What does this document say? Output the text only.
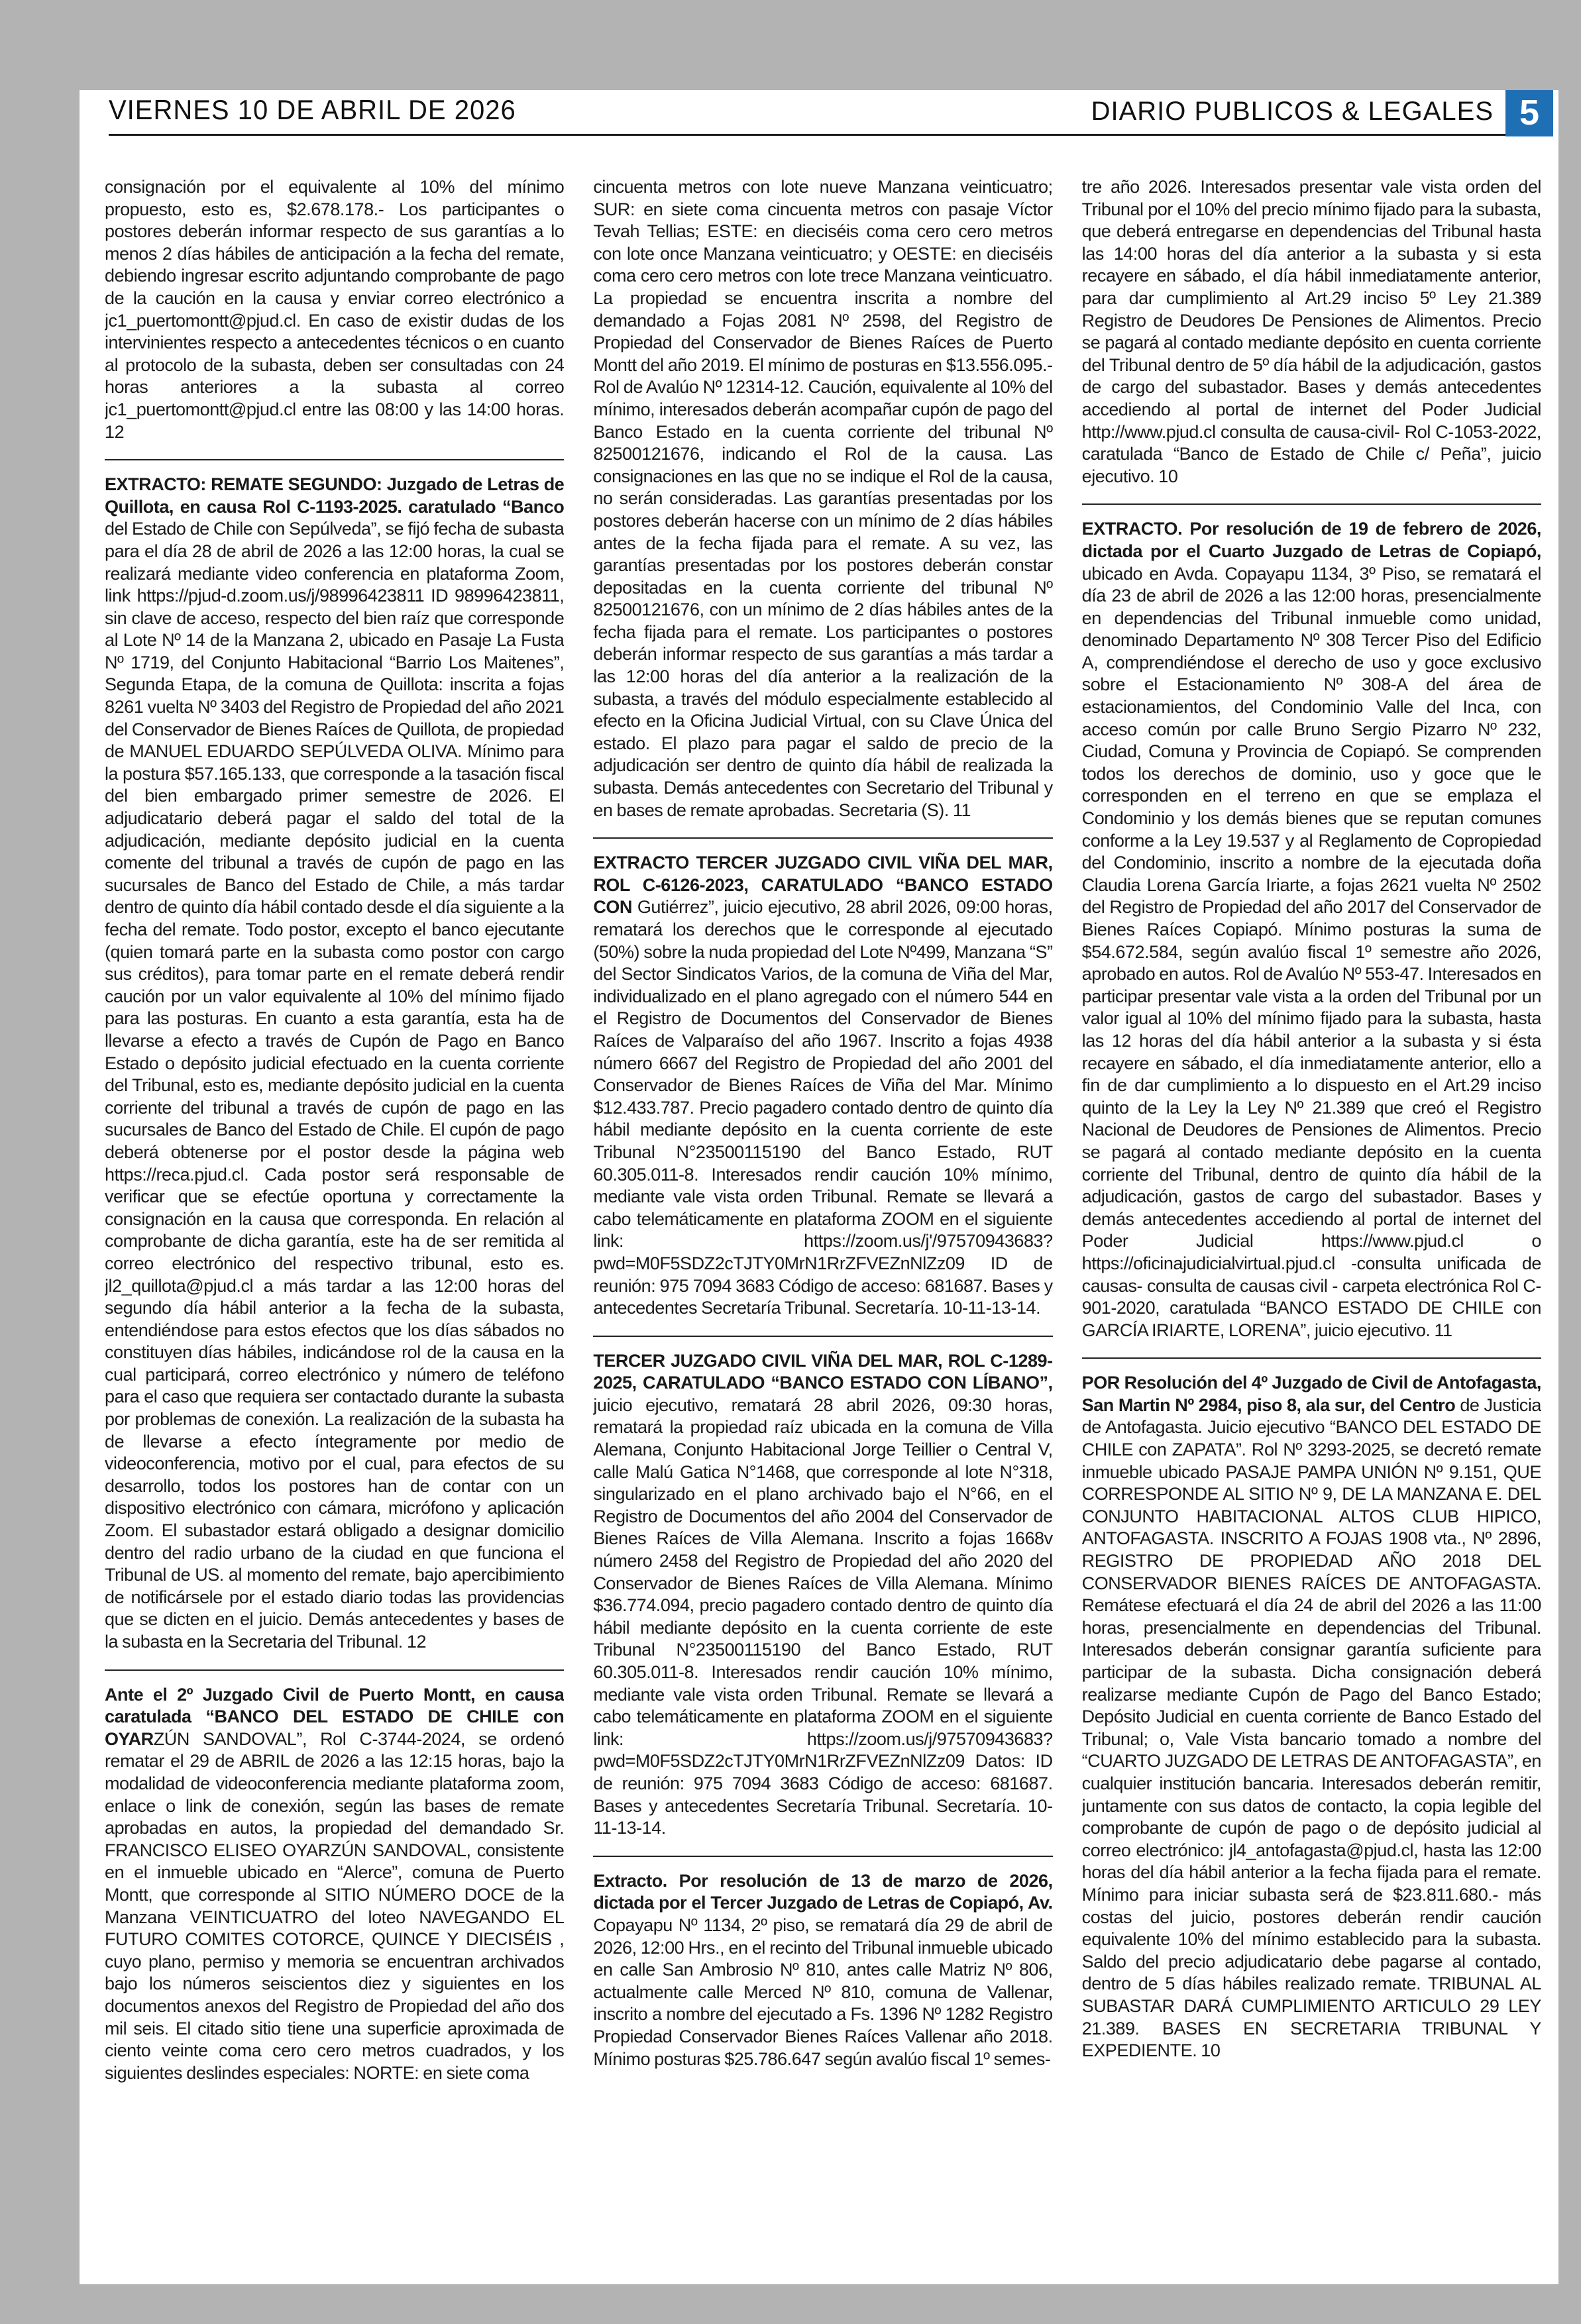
VIERNES 10 DE ABRIL DE 2026	DIARIO PUBLICOS & LEGALES 5

consignación por el equivalente al 10% del mínimo propuesto, esto es, $2.678.178.- Los participantes o postores deberán informar respecto de sus garantías a lo menos 2 días hábiles de anticipación a la fecha del remate, debiendo ingresar escrito adjuntando comprobante de pago de la caución en la causa y enviar correo electrónico a jc1_puertomontt@pjud.cl. En caso de existir dudas de los intervinientes respecto a antecedentes técnicos o en cuanto al protocolo de la subasta, deben ser consultadas con 24 horas anteriores a la subasta al correo jc1_puertomontt@pjud.cl entre las 08:00 y las 14:00 horas. 12

EXTRACTO: REMATE SEGUNDO: Juzgado de Letras de Quillota, en causa Rol C-1193-2025. caratulado “Banco del Estado de Chile con Sepúlveda”, se fijó fecha de subasta para el día 28 de abril de 2026 a las 12:00 horas, la cual se realizará mediante video conferencia en plataforma Zoom, link https://pjud-d.zoom.us/j/98996423811 ID 98996423811, sin clave de acceso, respecto del bien raíz que corresponde al Lote Nº 14 de la Manzana 2, ubicado en Pasaje La Fusta Nº 1719, del Conjunto Habitacional “Barrio Los Maitenes”, Segunda Etapa, de la comuna de Quillota: inscrita a fojas 8261 vuelta Nº 3403 del Registro de Propiedad del año 2021 del Conservador de Bienes Raíces de Quillota, de propiedad de MANUEL EDUARDO SEPÚLVEDA OLIVA. Mínimo para la postura $57.165.133, que corresponde a la tasación fiscal del bien embargado primer semestre de 2026. El adjudicatario deberá pagar el saldo del total de la adjudicación, mediante depósito judicial en la cuenta comente del tribunal a través de cupón de pago en las sucursales de Banco del Estado de Chile, a más tardar dentro de quinto día hábil contado desde el día siguiente a la fecha del remate. Todo postor, excepto el banco ejecutante (quien tomará parte en la subasta como postor con cargo sus créditos), para tomar parte en el remate deberá rendir caución por un valor equivalente al 10% del mínimo fijado para las posturas. En cuanto a esta garantía, esta ha de llevarse a efecto a través de Cupón de Pago en Banco Estado o depósito judicial efectuado en la cuenta corriente del Tribunal, esto es, mediante depósito judicial en la cuenta corriente del tribunal a través de cupón de pago en las sucursales de Banco del Estado de Chile. El cupón de pago deberá obtenerse por el postor desde la página web https://reca.pjud.cl. Cada postor será responsable de verificar que se efectúe oportuna y correctamente la consignación en la causa que corresponda. En relación al comprobante de dicha garantía, este ha de ser remitida al correo electrónico del respectivo tribunal, esto es. jl2_quillota@pjud.cl a más tardar a las 12:00 horas del segundo día hábil anterior a la fecha de la subasta, entendiéndose para estos efectos que los días sábados no constituyen días hábiles, indicándose rol de la causa en la cual participará, correo electrónico y número de teléfono para el caso que requiera ser contactado durante la subasta por problemas de conexión. La realización de la subasta ha de llevarse a efecto íntegramente por medio de videoconferencia, motivo por el cual, para efectos de su desarrollo, todos los postores han de contar con un dispositivo electrónico con cámara, micrófono y aplicación Zoom. El subastador estará obligado a designar domicilio dentro del radio urbano de la ciudad en que funciona el Tribunal de US. al momento del remate, bajo apercibimiento de notificársele por el estado diario todas las providencias que se dicten en el juicio. Demás antecedentes y bases de la subasta en la Secretaria del Tribunal. 12

Ante el 2º Juzgado Civil de Puerto Montt, en causa caratulada “BANCO DEL ESTADO DE CHILE con OYARZÚN SANDOVAL”, Rol C-3744-2024, se ordenó rematar el 29 de ABRIL de 2026 a las 12:15 horas, bajo la modalidad de videoconferencia mediante plataforma zoom, enlace o link de conexión, según las bases de remate aprobadas en autos, la propiedad del demandado Sr. FRANCISCO ELISEO OYARZÚN SANDOVAL, consistente en el inmueble ubicado en “Alerce”, comuna de Puerto Montt, que corresponde al SITIO NÚMERO DOCE de la Manzana VEINTICUATRO del loteo NAVEGANDO EL FUTURO COMITES COTORCE, QUINCE Y DIECISÉIS , cuyo plano, permiso y memoria se encuentran archivados bajo los números seiscientos diez y siguientes en los documentos anexos del Registro de Propiedad del año dos mil seis. El citado sitio tiene una superficie aproximada de ciento veinte coma cero cero metros cuadrados, y los siguientes deslindes especiales: NORTE: en siete coma

cincuenta metros con lote nueve Manzana veinticuatro; SUR: en siete coma cincuenta metros con pasaje Víctor Tevah Tellias; ESTE: en dieciséis coma cero cero metros con lote once Manzana veinticuatro; y OESTE: en dieciséis coma cero cero metros con lote trece Manzana veinticuatro. La propiedad se encuentra inscrita a nombre del demandado a Fojas 2081 Nº 2598, del Registro de Propiedad del Conservador de Bienes Raíces de Puerto Montt del año 2019. El mínimo de posturas en $13.556.095.- Rol de Avalúo Nº 12314-12. Caución, equivalente al 10% del mínimo, interesados deberán acompañar cupón de pago del Banco Estado en la cuenta corriente del tribunal Nº 82500121676, indicando el Rol de la causa. Las consignaciones en las que no se indique el Rol de la causa, no serán consideradas. Las garantías presentadas por los postores deberán hacerse con un mínimo de 2 días hábiles antes de la fecha fijada para el remate. A su vez, las garantías presentadas por los postores deberán constar depositadas en la cuenta corriente del tribunal Nº 82500121676, con un mínimo de 2 días hábiles antes de la fecha fijada para el remate. Los participantes o postores deberán informar respecto de sus garantías a más tardar a las 12:00 horas del día anterior a la realización de la subasta, a través del módulo especialmente establecido al efecto en la Oficina Judicial Virtual, con su Clave Única del estado. El plazo para pagar el saldo de precio de la adjudicación ser dentro de quinto día hábil de realizada la subasta. Demás antecedentes con Secretario del Tribunal y en bases de remate aprobadas. Secretaria (S). 11

EXTRACTO TERCER JUZGADO CIVIL VIÑA DEL MAR, ROL C-6126-2023, CARATULADO “BANCO ESTADO CON Gutiérrez”, juicio ejecutivo, 28 abril 2026, 09:00 horas, rematará los derechos que le corresponde al ejecutado (50%) sobre la nuda propiedad del Lote Nº499, Manzana “S” del Sector Sindicatos Varios, de la comuna de Viña del Mar, individualizado en el plano agregado con el número 544 en el Registro de Documentos del Conservador de Bienes Raíces de Valparaíso del año 1967. Inscrito a fojas 4938 número 6667 del Registro de Propiedad del año 2001 del Conservador de Bienes Raíces de Viña del Mar. Mínimo $12.433.787. Precio pagadero contado dentro de quinto día hábil mediante depósito en la cuenta corriente de este Tribunal N°23500115190 del Banco Estado, RUT 60.305.011-8. Interesados rendir caución 10% mínimo, mediante vale vista orden Tribunal. Remate se llevará a cabo telemáticamente en plataforma ZOOM en el siguiente link: https://zoom.us/j'/97570943683?pwd=M0F5SDZ2cTJTY0MrN1RrZFVEZnNlZz09 ID de reunión: 975 7094 3683 Código de acceso: 681687. Bases y antecedentes Secretaría Tribunal. Secretaría. 10-11-13-14.

TERCER JUZGADO CIVIL VIÑA DEL MAR, ROL C-1289-2025, CARATULADO “BANCO ESTADO CON LÍBANO”, juicio ejecutivo, rematará 28 abril 2026, 09:30 horas, rematará la propiedad raíz ubicada en la comuna de Villa Alemana, Conjunto Habitacional Jorge Teillier o Central V, calle Malú Gatica N°1468, que corresponde al lote N°318, singularizado en el plano archivado bajo el N°66, en el Registro de Documentos del año 2004 del Conservador de Bienes Raíces de Villa Alemana. Inscrito a fojas 1668v número 2458 del Registro de Propiedad del año 2020 del Conservador de Bienes Raíces de Villa Alemana. Mínimo $36.774.094, precio pagadero contado dentro de quinto día hábil mediante depósito en la cuenta corriente de este Tribunal N°23500115190 del Banco Estado, RUT 60.305.011-8. Interesados rendir caución 10% mínimo, mediante vale vista orden Tribunal. Remate se llevará a cabo telemáticamente en plataforma ZOOM en el siguiente link: https://zoom.us/j/97570943683?pwd=M0F5SDZ2cTJTY0MrN1RrZFVEZnNlZz09 Datos: ID de reunión: 975 7094 3683 Código de acceso: 681687. Bases y antecedentes Secretaría Tribunal. Secretaría. 10-11-13-14.

Extracto. Por resolución de 13 de marzo de 2026, dictada por el Tercer Juzgado de Letras de Copiapó, Av. Copayapu Nº 1134, 2º piso, se rematará día 29 de abril de 2026, 12:00 Hrs., en el recinto del Tribunal inmueble ubicado en calle San Ambrosio Nº 810, antes calle Matriz Nº 806, actualmente calle Merced Nº 810, comuna de Vallenar, inscrito a nombre del ejecutado a Fs. 1396 Nº 1282 Registro Propiedad Conservador Bienes Raíces Vallenar año 2018. Mínimo posturas $25.786.647 según avalúo fiscal 1º semes-

tre año 2026. Interesados presentar vale vista orden del Tribunal por el 10% del precio mínimo fijado para la subasta, que deberá entregarse en dependencias del Tribunal hasta las 14:00 horas del día anterior a la subasta y si esta recayere en sábado, el día hábil inmediatamente anterior, para dar cumplimiento al Art.29 inciso 5º Ley 21.389 Registro de Deudores De Pensiones de Alimentos. Precio se pagará al contado mediante depósito en cuenta corriente del Tribunal dentro de 5º día hábil de la adjudicación, gastos de cargo del subastador. Bases y demás antecedentes accediendo al portal de internet del Poder Judicial http://www.pjud.cl consulta de causa-civil- Rol C-1053-2022, caratulada “Banco de Estado de Chile c/ Peña”, juicio ejecutivo. 10

EXTRACTO. Por resolución de 19 de febrero de 2026, dictada por el Cuarto Juzgado de Letras de Copiapó, ubicado en Avda. Copayapu 1134, 3º Piso, se rematará el día 23 de abril de 2026 a las 12:00 horas, presencialmente en dependencias del Tribunal inmueble como unidad, denominado Departamento Nº 308 Tercer Piso del Edificio A, comprendiéndose el derecho de uso y goce exclusivo sobre el Estacionamiento Nº 308-A del área de estacionamientos, del Condominio Valle del Inca, con acceso común por calle Bruno Sergio Pizarro Nº 232, Ciudad, Comuna y Provincia de Copiapó. Se comprenden todos los derechos de dominio, uso y goce que le corresponden en el terreno en que se emplaza el Condominio y los demás bienes que se reputan comunes conforme a la Ley 19.537 y al Reglamento de Copropiedad del Condominio, inscrito a nombre de la ejecutada doña Claudia Lorena García Iriarte, a fojas 2621 vuelta Nº 2502 del Registro de Propiedad del año 2017 del Conservador de Bienes Raíces Copiapó. Mínimo posturas la suma de $54.672.584, según avalúo fiscal 1º semestre año 2026, aprobado en autos. Rol de Avalúo Nº 553-47. Interesados en participar presentar vale vista a la orden del Tribunal por un valor igual al 10% del mínimo fijado para la subasta, hasta las 12 horas del día hábil anterior a la subasta y si ésta recayere en sábado, el día inmediatamente anterior, ello a fin de dar cumplimiento a lo dispuesto en el Art.29 inciso quinto de la Ley la Ley Nº 21.389 que creó el Registro Nacional de Deudores de Pensiones de Alimentos. Precio se pagará al contado mediante depósito en la cuenta corriente del Tribunal, dentro de quinto día hábil de la adjudicación, gastos de cargo del subastador. Bases y demás antecedentes accediendo al portal de internet del Poder Judicial https://www.pjud.cl o https://oficinajudicialvirtual.pjud.cl -consulta unificada de causas- consulta de causas civil - carpeta electrónica Rol C-901-2020, caratulada “BANCO ESTADO DE CHILE con GARCÍA IRIARTE, LORENA”, juicio ejecutivo. 11

POR Resolución del 4º Juzgado de Civil de Antofagasta, San Martin Nº 2984, piso 8, ala sur, del Centro de Justicia de Antofagasta. Juicio ejecutivo “BANCO DEL ESTADO DE CHILE con ZAPATA”. Rol Nº 3293-2025, se decretó remate inmueble ubicado PASAJE PAMPA UNIÓN Nº 9.151, QUE CORRESPONDE AL SITIO Nº 9, DE LA MANZANA E. DEL CONJUNTO HABITACIONAL ALTOS CLUB HIPICO, ANTOFAGASTA. INSCRITO A FOJAS 1908 vta., Nº 2896, REGISTRO DE PROPIEDAD AÑO 2018 DEL CONSERVADOR BIENES RAÍCES DE ANTOFAGASTA. Remátese efectuará el día 24 de abril del 2026 a las 11:00 horas, presencialmente en dependencias del Tribunal. Interesados deberán consignar garantía suficiente para participar de la subasta. Dicha consignación deberá realizarse mediante Cupón de Pago del Banco Estado; Depósito Judicial en cuenta corriente de Banco Estado del Tribunal; o, Vale Vista bancario tomado a nombre del “CUARTO JUZGADO DE LETRAS DE ANTOFAGASTA”, en cualquier institución bancaria. Interesados deberán remitir, juntamente con sus datos de contacto, la copia legible del comprobante de cupón de pago o de depósito judicial al correo electrónico: jl4_antofagasta@pjud.cl, hasta las 12:00 horas del día hábil anterior a la fecha fijada para el remate. Mínimo para iniciar subasta será de $23.811.680.- más costas del juicio, postores deberán rendir caución equivalente 10% del mínimo establecido para la subasta. Saldo del precio adjudicatario debe pagarse al contado, dentro de 5 días hábiles realizado remate. TRIBUNAL AL SUBASTAR DARÁ CUMPLIMIENTO ARTICULO 29 LEY 21.389. BASES EN SECRETARIA TRIBUNAL Y EXPEDIENTE. 10
